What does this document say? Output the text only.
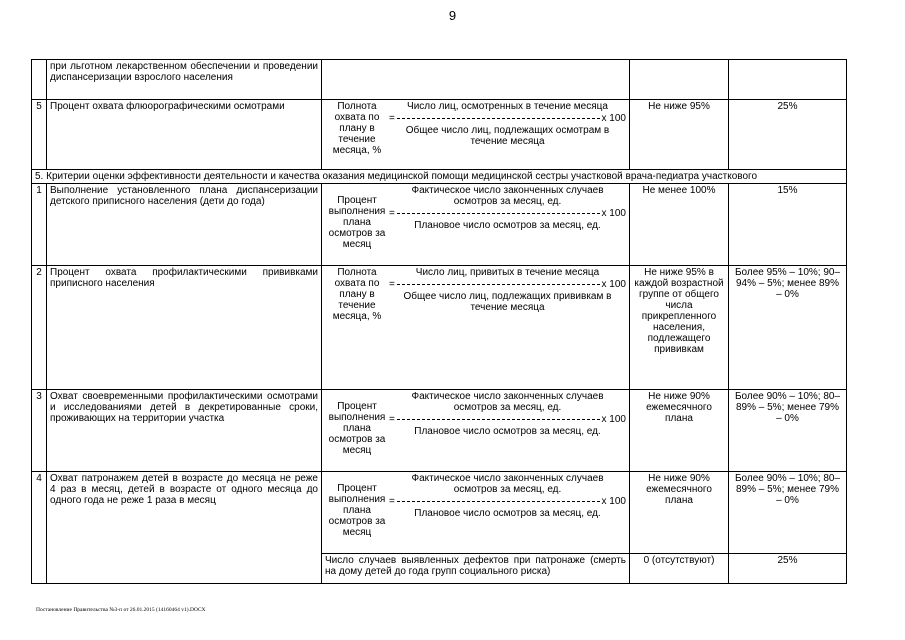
9
	при льготном лекарственном обеспечении и проведении диспансеризации взрослого населения			
5	Процент охвата флюорографическими осмотрами	Полнота охвата по плану в течение месяца, %
Число лиц, осмотренных в течение месяца
= x 100
Общее число лиц, подлежащих осмотрам в течение месяца	Не ниже 95%	25%
5. Критерии оценки эффективности деятельности и качества оказания медицинской помощи медицинской сестры участковой врача-педиатра участкового				
1	Выполнение установленного плана диспансеризации детского приписного населения (дети до года)	Процент выполнения плана осмотров за месяц
Фактическое число законченных случаев осмотров за месяц, ед.
= x 100
Плановое число осмотров за месяц, ед.	Не менее 100%	15%
2	Процент охвата профилактическими прививками приписного населения	Полнота охвата по плану в течение месяца, %
Число лиц, привитых в течение месяца
= x 100
Общее число лиц, подлежащих прививкам в течение месяца	Не ниже 95% в каждой возрастной группе от общего числа прикрепленного населения, подлежащего прививкам	Более 95% – 10%; 90–94% – 5%; менее 89% – 0%
3	Охват своевременными профилактическими осмотрами и исследованиями детей в декретированные сроки, проживающих на территории участка	Процент выполнения плана осмотров за месяц
Фактическое число законченных случаев осмотров за месяц, ед.
= x 100
Плановое число осмотров за месяц, ед.	Не ниже 90% ежемесячного плана	Более 90% – 10%; 80–89% – 5%; менее 79% – 0%
4	Охват патронажем детей в возрасте до месяца не реже 4 раз в месяц, детей в возрасте от одного месяца до одного года не реже 1 раза в месяц	Процент выполнения плана осмотров за месяц
Фактическое число законченных случаев осмотров за месяц, ед.
= x 100
Плановое число осмотров за месяц, ед.	Не ниже 90% ежемесячного плана	Более 90% – 10%; 80–89% – 5%; менее 79% – 0%
		Число случаев выявленных дефектов при патронаже (смерть на дому детей до года групп социального риска)	0 (отсутствуют)	25%
Постановление Правительства №3-п от 26.01.2015 (14160464 v1).DOCX
